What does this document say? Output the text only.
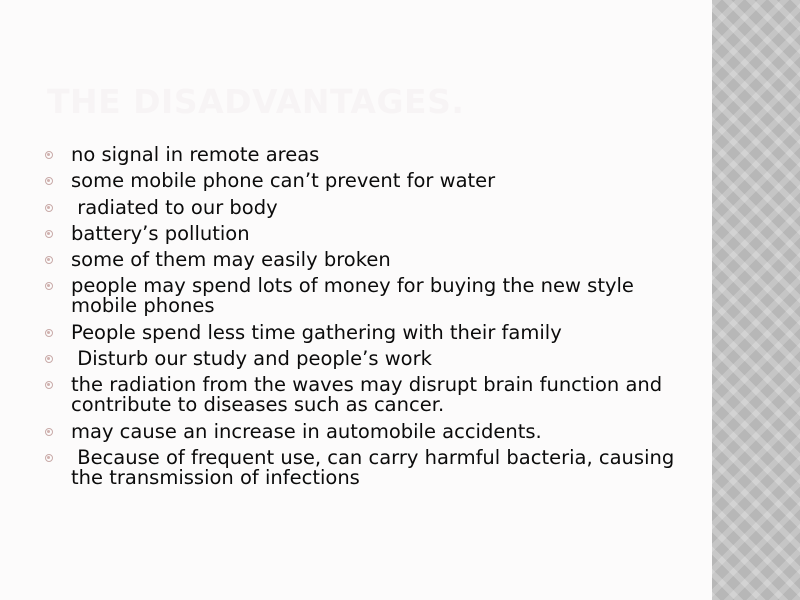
THE DISADVANTAGES.
no signal in remote areas
some mobile phone can’t prevent for water
radiated to our body
battery’s pollution
some of them may easily broken
people may spend lots of money for buying the new style mobile phones
People spend less time gathering with their family
Disturb our study and people’s work
the radiation from the waves may disrupt brain function and contribute to diseases such as cancer.
may cause an increase in automobile accidents.
Because of frequent use, can carry harmful bacteria, causing the transmission of infections
